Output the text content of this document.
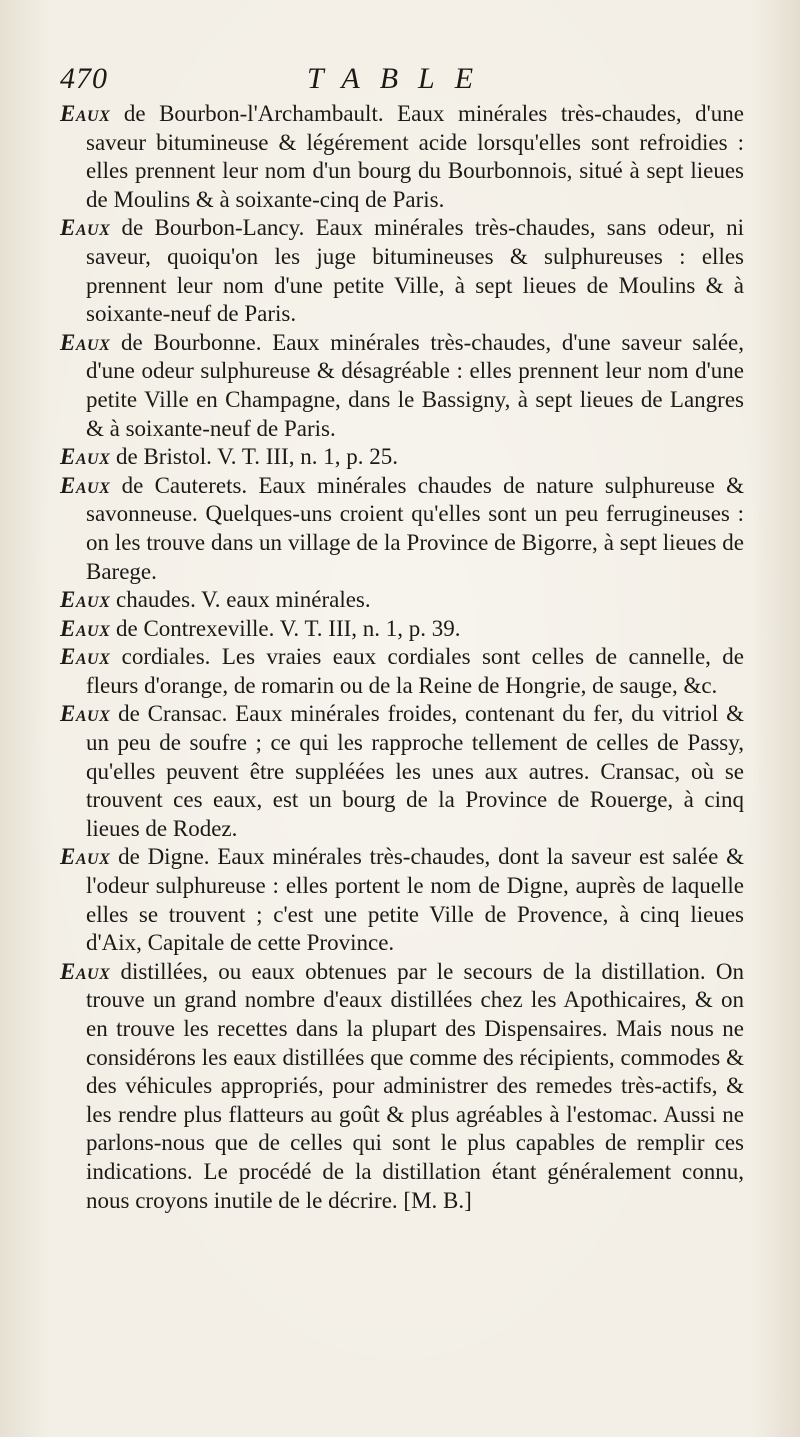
470	TABLE

Eaux de Bourbon-l'Archambault. Eaux minérales très-chaudes, d'une saveur bitumineuse & légérement acide lorsqu'elles sont refroidies : elles prennent leur nom d'un bourg du Bourbonnois, situé à sept lieues de Moulins & à soixante-cinq de Paris.

Eaux de Bourbon-Lancy. Eaux minérales très-chaudes, sans odeur, ni saveur, quoiqu'on les juge bitumineuses & sulphureuses : elles prennent leur nom d'une petite Ville, à sept lieues de Moulins & à soixante-neuf de Paris.

Eaux de Bourbonne. Eaux minérales très-chaudes, d'une saveur salée, d'une odeur sulphureuse & désagréable : elles prennent leur nom d'une petite Ville en Champagne, dans le Bassigny, à sept lieues de Langres & à soixante-neuf de Paris.

Eaux de Bristol. V. T. III, n. 1, p. 25.

Eaux de Cauterets. Eaux minérales chaudes de nature sulphureuse & savonneuse. Quelques-uns croient qu'elles sont un peu ferrugineuses : on les trouve dans un village de la Province de Bigorre, à sept lieues de Barege.

Eaux chaudes. V. eaux minérales.

Eaux de Contrexeville. V. T. III, n. 1, p. 39.

Eaux cordiales. Les vraies eaux cordiales sont celles de cannelle, de fleurs d'orange, de romarin ou de la Reine de Hongrie, de sauge, &c.

Eaux de Cransac. Eaux minérales froides, contenant du fer, du vitriol & un peu de soufre ; ce qui les rapproche tellement de celles de Passy, qu'elles peuvent être suppléées les unes aux autres. Cransac, où se trouvent ces eaux, est un bourg de la Province de Rouerge, à cinq lieues de Rodez.

Eaux de Digne. Eaux minérales très-chaudes, dont la saveur est salée & l'odeur sulphureuse : elles portent le nom de Digne, auprès de laquelle elles se trouvent ; c'est une petite Ville de Provence, à cinq lieues d'Aix, Capitale de cette Province.

Eaux distillées, ou eaux obtenues par le secours de la distillation. On trouve un grand nombre d'eaux distillées chez les Apothicaires, & on en trouve les recettes dans la plupart des Dispensaires. Mais nous ne considérons les eaux distillées que comme des récipients, commodes & des véhicules appropriés, pour administrer des remedes très-actifs, & les rendre plus flatteurs au goût & plus agréables à l'estomac. Aussi ne parlons-nous que de celles qui sont le plus capables de remplir ces indications. Le procédé de la distillation étant généralement connu, nous croyons inutile de le décrire. [M. B.]
